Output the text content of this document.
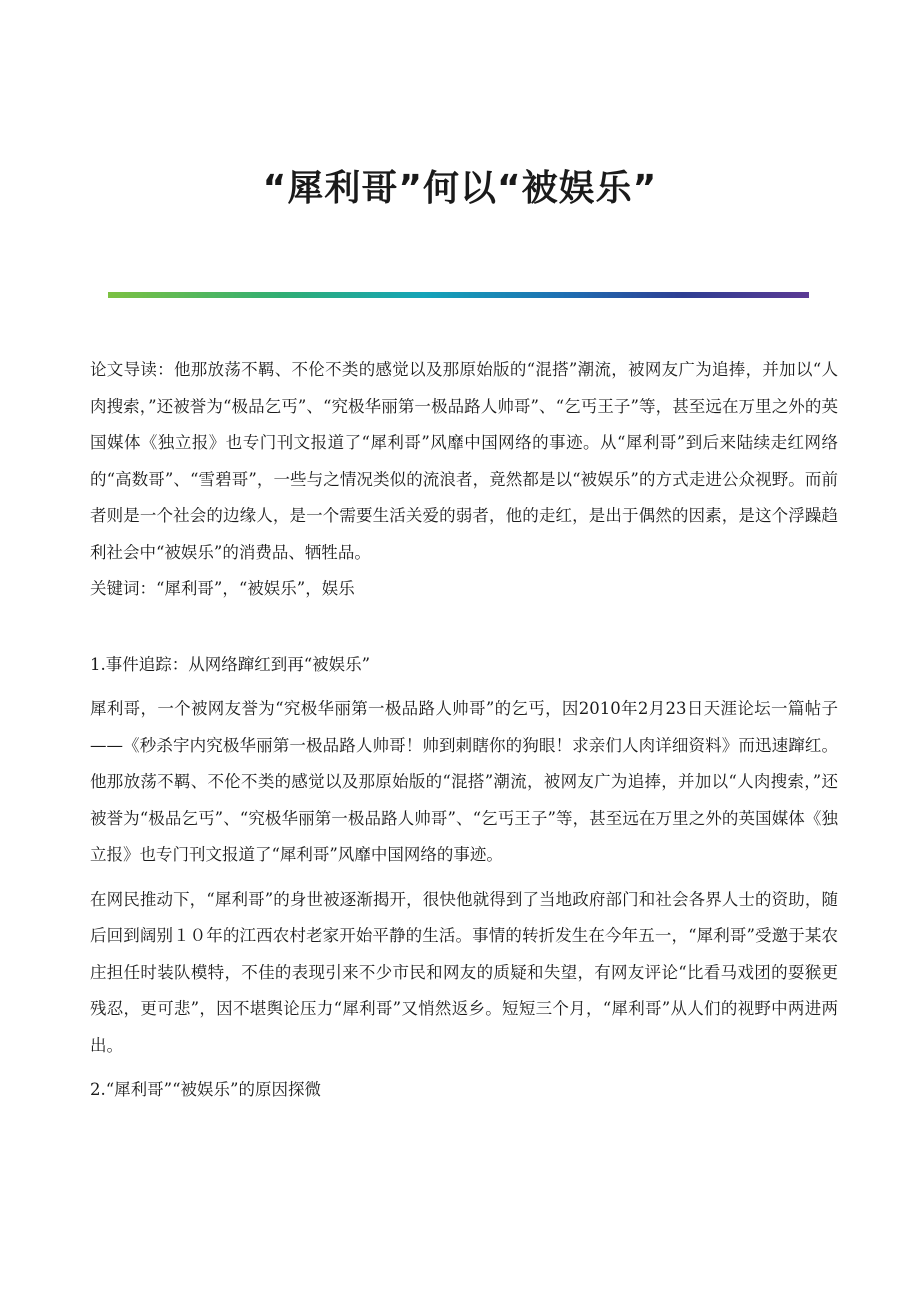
“犀利哥”何以“被娱乐”

论文导读：他那放荡不羁、不伦不类的感觉以及那原始版的“混搭”潮流，被网友广为追捧，并加以“人肉搜索，”还被誉为“极品乞丐”、“究极华丽第一极品路人帅哥”、“乞丐王子”等，甚至远在万里之外的英国媒体《独立报》也专门刊文报道了“犀利哥”风靡中国网络的事迹。从“犀利哥”到后来陆续走红网络的“高数哥”、“雪碧哥”，一些与之情况类似的流浪者，竟然都是以“被娱乐”的方式走进公众视野。而前者则是一个社会的边缘人，是一个需要生活关爱的弱者，他的走红，是出于偶然的因素，是这个浮躁趋利社会中“被娱乐”的消费品、牺牲品。

关键词：“犀利哥”，“被娱乐”，娱乐

1.事件追踪：从网络蹿红到再“被娱乐”

犀利哥，一个被网友誉为“究极华丽第一极品路人帅哥”的乞丐，因2010年2月23日天涯论坛一篇帖子——《秒杀宇内究极华丽第一极品路人帅哥！帅到刺瞎你的狗眼！求亲们人肉详细资料》而迅速蹿红。他那放荡不羁、不伦不类的感觉以及那原始版的“混搭”潮流，被网友广为追捧，并加以“人肉搜索，”还被誉为“极品乞丐”、“究极华丽第一极品路人帅哥”、“乞丐王子”等，甚至远在万里之外的英国媒体《独立报》也专门刊文报道了“犀利哥”风靡中国网络的事迹。

在网民推动下，“犀利哥”的身世被逐渐揭开，很快他就得到了当地政府部门和社会各界人士的资助，随后回到阔别１０年的江西农村老家开始平静的生活。事情的转折发生在今年五一，“犀利哥”受邀于某农庄担任时装队模特，不佳的表现引来不少市民和网友的质疑和失望，有网友评论“比看马戏团的耍猴更残忍，更可悲”，因不堪舆论压力“犀利哥”又悄然返乡。短短三个月，“犀利哥”从人们的视野中两进两出。

2.“犀利哥”“被娱乐”的原因探微
